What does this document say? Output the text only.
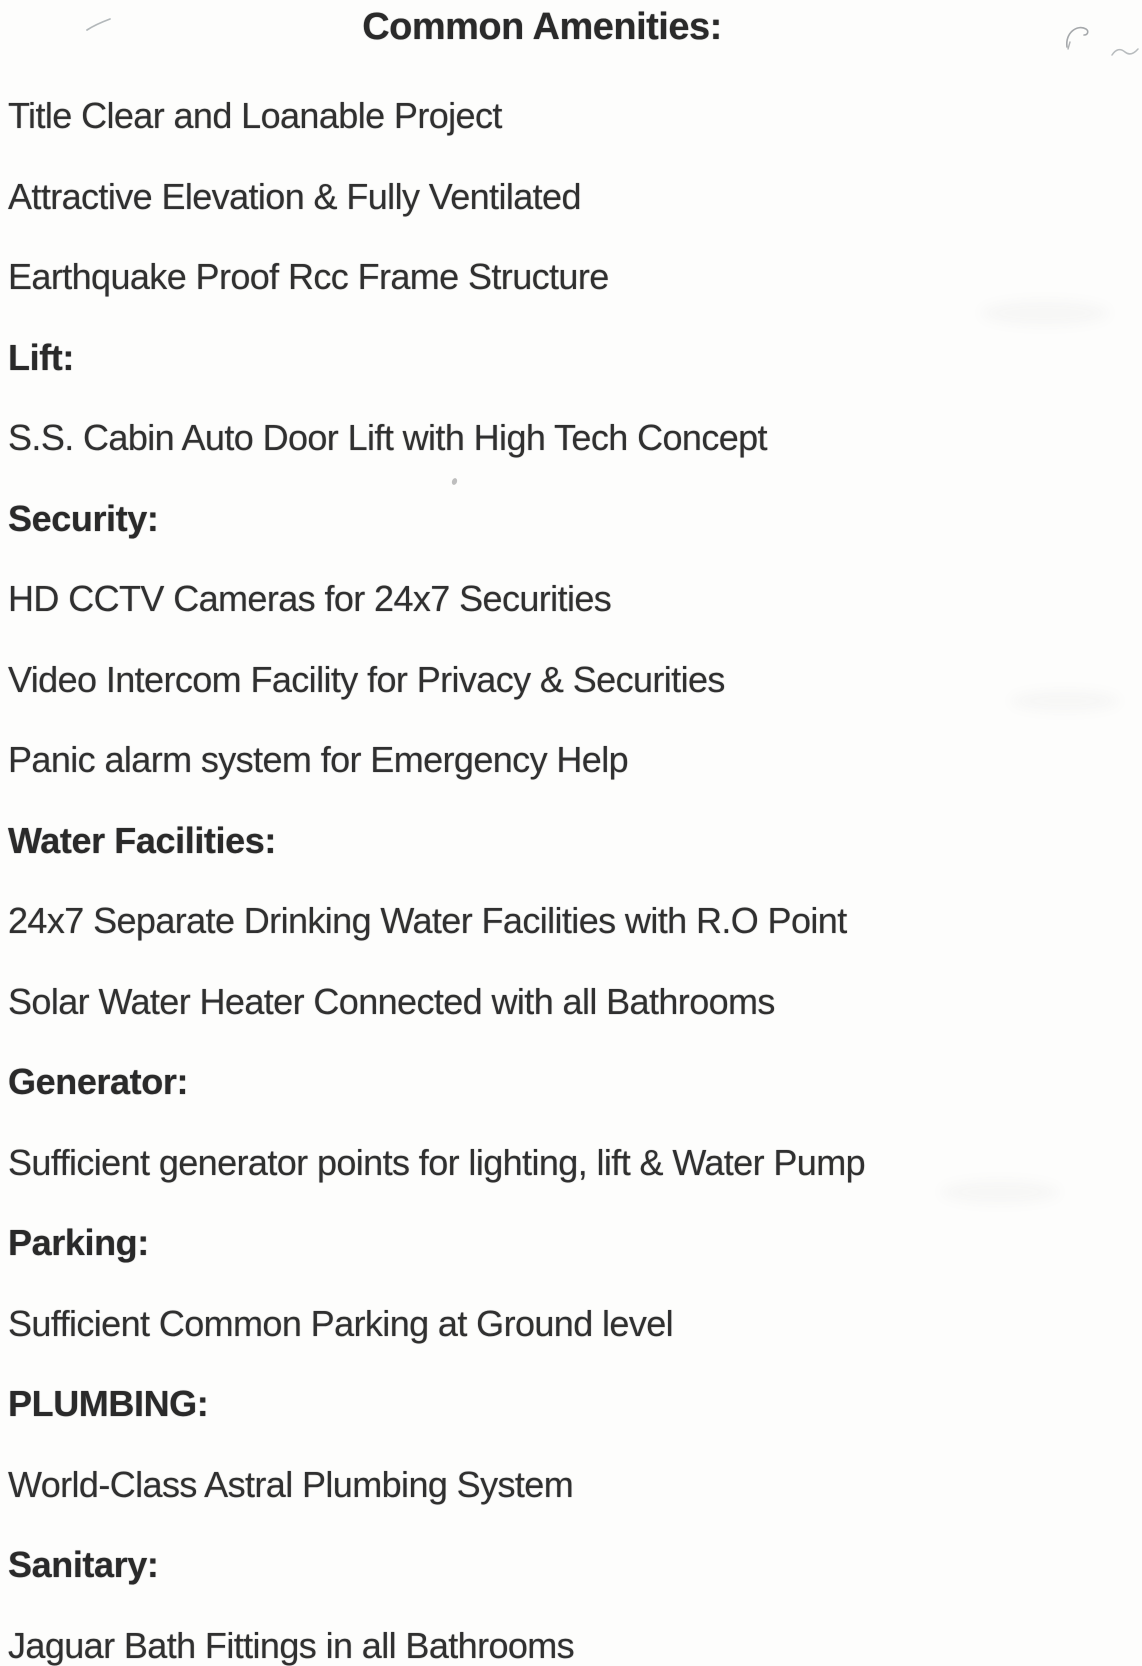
Common Amenities:
Title Clear and Loanable Project
Attractive Elevation & Fully Ventilated
Earthquake Proof Rcc Frame Structure
Lift:
S.S. Cabin Auto Door Lift with High Tech Concept
Security:
HD CCTV Cameras for 24x7 Securities
Video Intercom Facility for Privacy & Securities
Panic alarm system for Emergency Help
Water Facilities:
24x7 Separate Drinking Water Facilities with R.O Point
Solar Water Heater Connected with all Bathrooms
Generator:
Sufficient generator points for lighting, lift & Water Pump
Parking:
Sufficient Common Parking at Ground level
PLUMBING:
World-Class Astral Plumbing System
Sanitary:
Jaguar Bath Fittings in all Bathrooms
